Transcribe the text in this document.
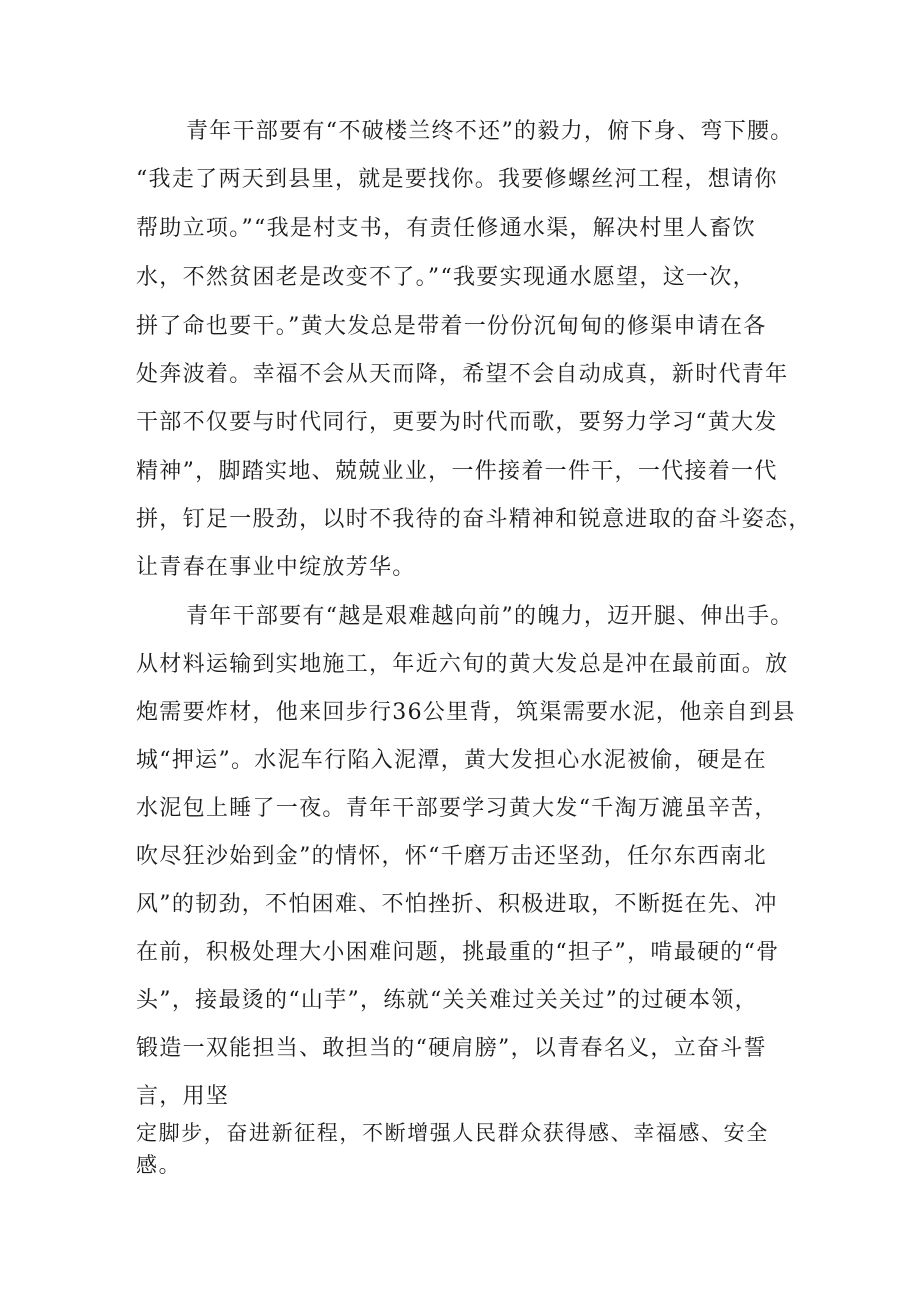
青年干部要有“不破楼兰终不还”的毅力，俯下身、弯下腰。
“我走了两天到县里，就是要找你。我要修螺丝河工程，想请你
帮助立项。”“我是村支书，有责任修通水渠，解决村里人畜饮
水，不然贫困老是改变不了。”“我要实现通水愿望，这一次，
拼了命也要干。”黄大发总是带着一份份沉甸甸的修渠申请在各
处奔波着。幸福不会从天而降，希望不会自动成真，新时代青年
干部不仅要与时代同行，更要为时代而歌，要努力学习“黄大发
精神”，脚踏实地、兢兢业业，一件接着一件干，一代接着一代
拼，钉足一股劲，以时不我待的奋斗精神和锐意进取的奋斗姿态，
让青春在事业中绽放芳华。
青年干部要有“越是艰难越向前”的魄力，迈开腿、伸出手。
从材料运输到实地施工，年近六旬的黄大发总是冲在最前面。放
炮需要炸材，他来回步行36公里背，筑渠需要水泥，他亲自到县
城“押运”。水泥车行陷入泥潭，黄大发担心水泥被偷，硬是在
水泥包上睡了一夜。青年干部要学习黄大发“千淘万漉虽辛苦，
吹尽狂沙始到金”的情怀，怀“千磨万击还坚劲，任尔东西南北
风”的韧劲，不怕困难、不怕挫折、积极进取，不断挺在先、冲
在前，积极处理大小困难问题，挑最重的“担子”，啃最硬的“骨
头”，接最烫的“山芋”，练就“关关难过关关过”的过硬本领，
锻造一双能担当、敢担当的“硬肩膀”，以青春名义，立奋斗誓
言，用坚
定脚步，奋进新征程，不断增强人民群众获得感、幸福感、安全
感。
